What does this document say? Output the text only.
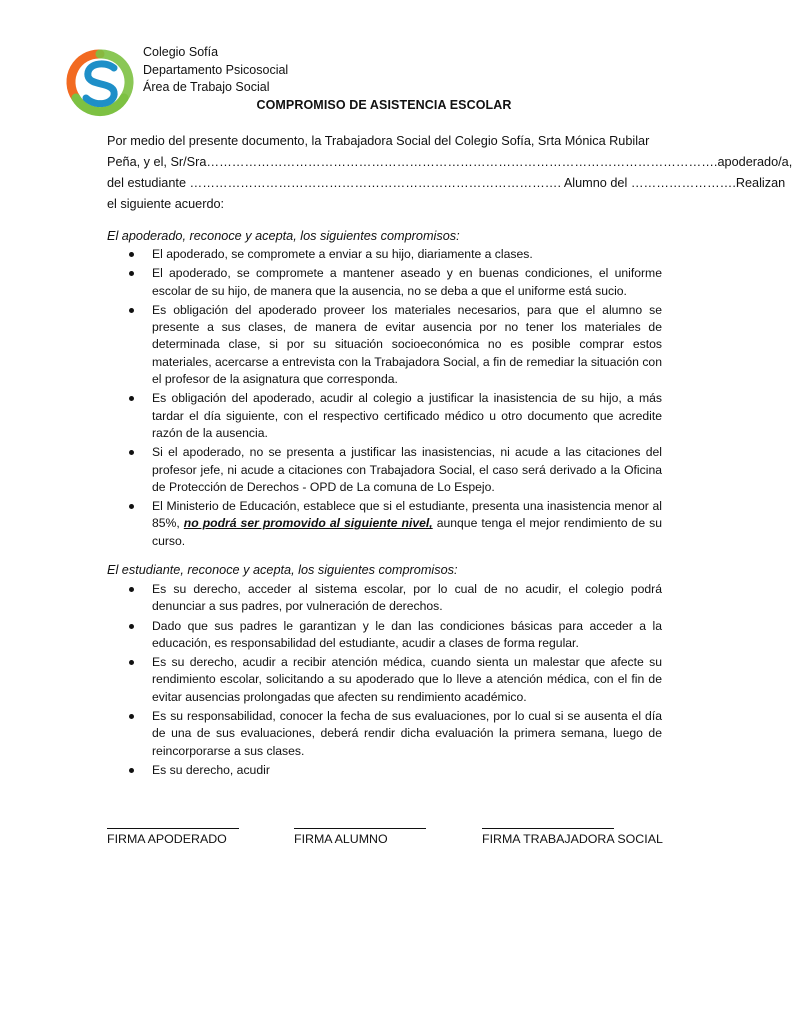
Colegio Sofía
Departamento Psicosocial
Área de Trabajo Social
COMPROMISO DE ASISTENCIA ESCOLAR
Por medio del presente documento, la Trabajadora Social del Colegio Sofía, Srta Mónica Rubilar
Peña, y el, Sr/Sra…………………………………………………………………………………………………………. apoderado/a,
del estudiante ……………………………………………………………………………. Alumno del ……………………. Realizan
el siguiente acuerdo:
El apoderado, reconoce y acepta, los siguientes compromisos:
El apoderado, se compromete a enviar a su hijo, diariamente a clases.
El apoderado, se compromete a mantener aseado y en buenas condiciones, el uniforme escolar de su hijo, de manera que la ausencia, no se deba a que el uniforme está sucio.
Es obligación del apoderado proveer los materiales necesarios, para que el alumno se presente a sus clases, de manera de evitar ausencia por no tener los materiales de determinada clase, si por su situación socioeconómica no es posible comprar estos materiales, acercarse a entrevista con la Trabajadora Social, a fin de remediar la situación con el profesor de la asignatura que corresponda.
Es obligación del apoderado, acudir al colegio a justificar la inasistencia de su hijo, a más tardar el día siguiente, con el respectivo certificado médico u otro documento que acredite razón de la ausencia.
Si el apoderado, no se presenta a justificar las inasistencias, ni acude a las citaciones del profesor jefe, ni acude a citaciones con Trabajadora Social, el caso será derivado a la Oficina de Protección de Derechos - OPD de La comuna de Lo Espejo.
El Ministerio de Educación, establece que si el estudiante, presenta una inasistencia menor al 85%, no podrá ser promovido al siguiente nivel, aunque tenga el mejor rendimiento de su curso.
El estudiante, reconoce y acepta, los siguientes compromisos:
Es su derecho, acceder al sistema escolar, por lo cual de no acudir, el colegio podrá denunciar a sus padres, por vulneración de derechos.
Dado que sus padres le garantizan y le dan las condiciones básicas para acceder a la educación, es responsabilidad del estudiante, acudir a clases de forma regular.
Es su derecho, acudir a recibir atención médica, cuando sienta un malestar que afecte su rendimiento escolar, solicitando a su apoderado que lo lleve a atención médica, con el fin de evitar ausencias prolongadas que afecten su rendimiento académico.
Es su responsabilidad, conocer la fecha de sus evaluaciones, por lo cual si se ausenta el día de una de sus evaluaciones, deberá rendir dicha evaluación la primera semana, luego de reincorporarse a sus clases.
Es su derecho, acudir
FIRMA APODERADO	FIRMA ALUMNO	FIRMA TRABAJADORA SOCIAL
